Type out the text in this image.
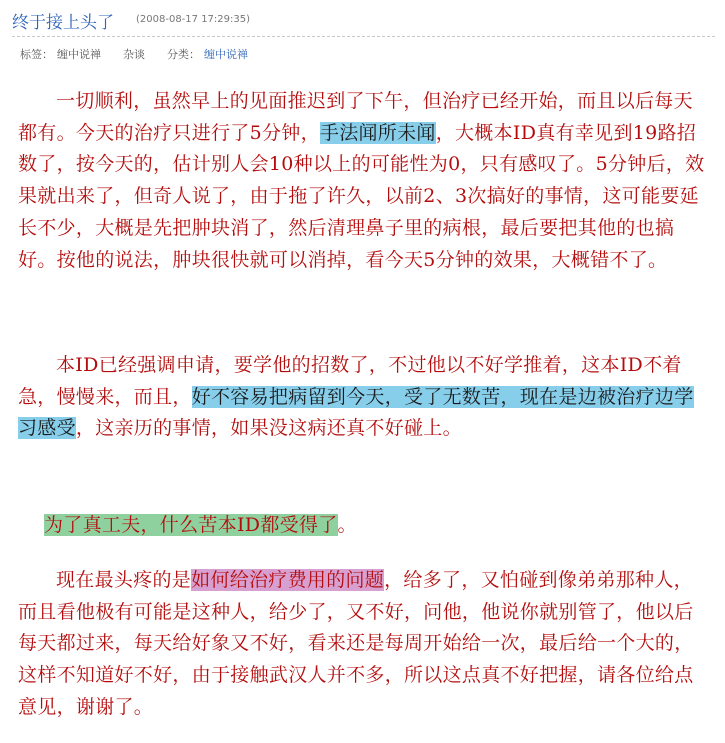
终于接上头了 (2008-08-17 17:29:35)
标签： 缠中说禅 杂谈 分类： 缠中说禅
一切顺利，虽然早上的见面推迟到了下午，但治疗已经开始，而且以后每天都有。今天的治疗只进行了5分钟，手法闻所未闻，大概本ID真有幸见到19路招数了，按今天的，估计别人会10种以上的可能性为0，只有感叹了。5分钟后，效果就出来了，但奇人说了，由于拖了许久，以前2、3次搞好的事情，这可能要延长不少，大概是先把肿块消了，然后清理鼻子里的病根，最后要把其他的也搞好。按他的说法，肿块很快就可以消掉，看今天5分钟的效果，大概错不了。
本ID已经强调申请，要学他的招数了，不过他以不好学推着，这本ID不着急，慢慢来，而且，好不容易把病留到今天，受了无数苦，现在是边被治疗边学习感受，这亲历的事情，如果没这病还真不好碰上。
为了真工夫，什么苦本ID都受得了。
现在最头疼的是如何给治疗费用的问题，给多了，又怕碰到像弟弟那种人，而且看他极有可能是这种人，给少了，又不好，问他，他说你就别管了，他以后每天都过来，每天给好象又不好，看来还是每周开始给一次，最后给一个大的，这样不知道好不好，由于接触武汉人并不多，所以这点真不好把握，请各位给点意见，谢谢了。
